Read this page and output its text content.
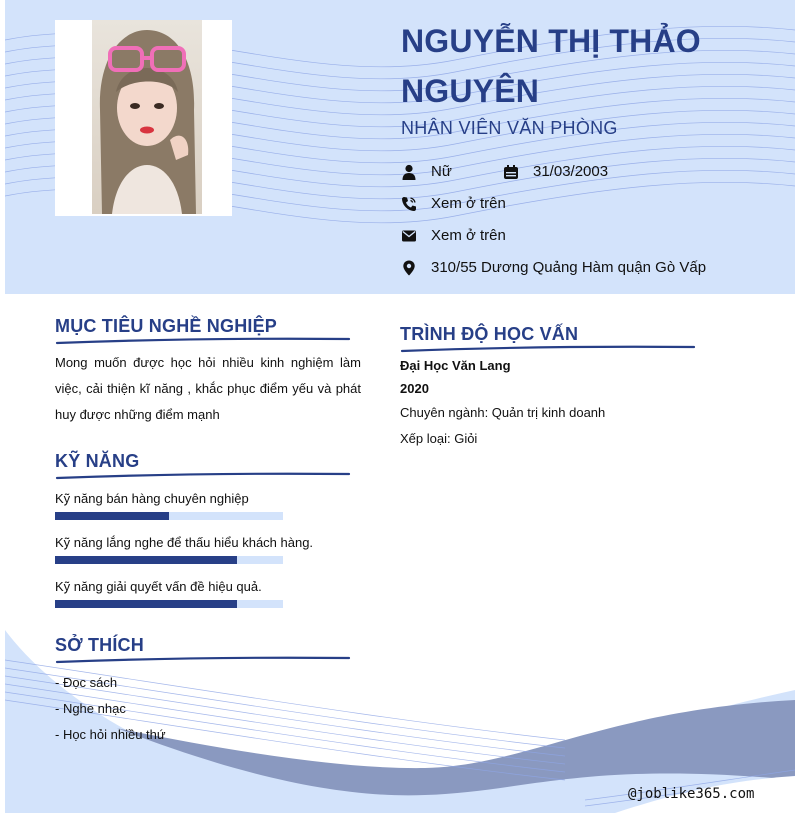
NGUYỄN THỊ THẢO NGUYÊN
NHÂN VIÊN VĂN PHÒNG
Nữ	31/03/2003
Xem ở trên
Xem ở trên
310/55 Dương Quảng Hàm quận Gò Vấp
MỤC TIÊU NGHỀ NGHIỆP
Mong muốn được học hỏi nhiều kinh nghiệm làm việc, cải thiện kĩ năng , khắc phục điểm yếu và phát huy được những điểm mạnh
KỸ NĂNG
Kỹ năng bán hàng chuyên nghiệp
Kỹ năng lắng nghe để thấu hiểu khách hàng.
Kỹ năng giải quyết vấn đề hiệu quả.
SỞ THÍCH
- Đọc sách
- Nghe nhạc
- Học hỏi nhiều thứ
TRÌNH ĐỘ HỌC VẤN
Đại Học Văn Lang
2020
Chuyên ngành: Quản trị kinh doanh
Xếp loại: Giỏi
@joblike365.com
